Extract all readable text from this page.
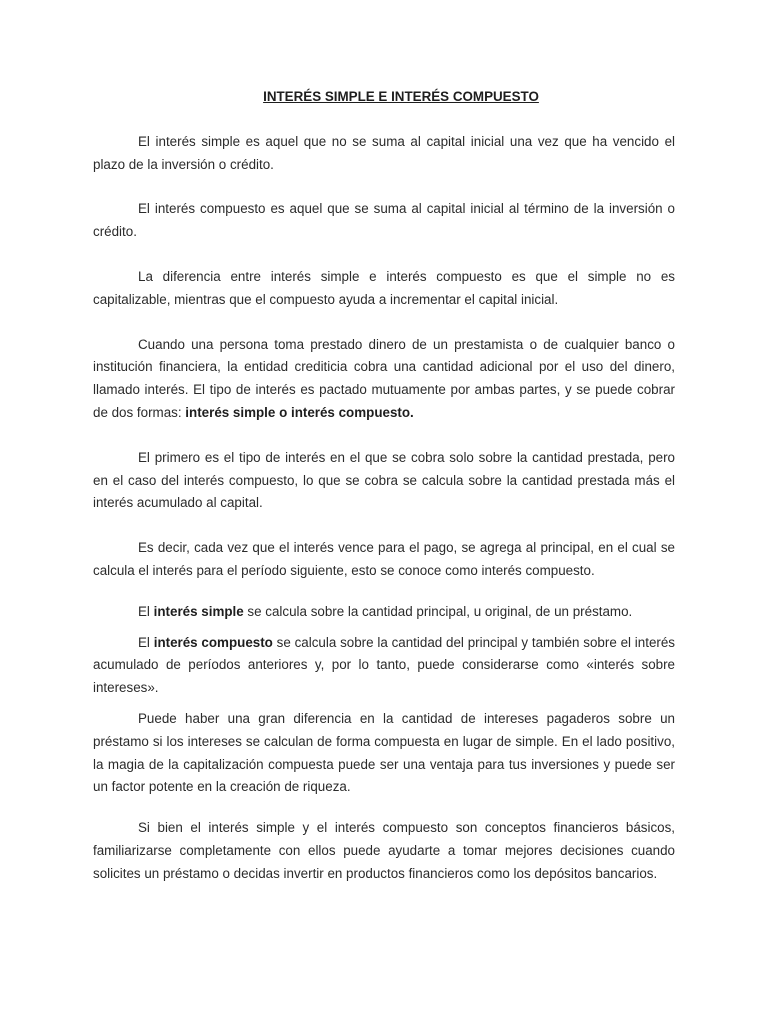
INTERÉS SIMPLE E INTERÉS COMPUESTO

El interés simple es aquel que no se suma al capital inicial una vez que ha vencido el plazo de la inversión o crédito.

El interés compuesto es aquel que se suma al capital inicial al término de la inversión o crédito.

La diferencia entre interés simple e interés compuesto es que el simple no es capitalizable, mientras que el compuesto ayuda a incrementar el capital inicial.

Cuando una persona toma prestado dinero de un prestamista o de cualquier banco o institución financiera, la entidad crediticia cobra una cantidad adicional por el uso del dinero, llamado interés. El tipo de interés es pactado mutuamente por ambas partes, y se puede cobrar de dos formas: interés simple o interés compuesto.

El primero es el tipo de interés en el que se cobra solo sobre la cantidad prestada, pero en el caso del interés compuesto, lo que se cobra se calcula sobre la cantidad prestada más el interés acumulado al capital.

Es decir, cada vez que el interés vence para el pago, se agrega al principal, en el cual se calcula el interés para el período siguiente, esto se conoce como interés compuesto.

El interés simple se calcula sobre la cantidad principal, u original, de un préstamo.

El interés compuesto se calcula sobre la cantidad del principal y también sobre el interés acumulado de períodos anteriores y, por lo tanto, puede considerarse como «interés sobre intereses».

Puede haber una gran diferencia en la cantidad de intereses pagaderos sobre un préstamo si los intereses se calculan de forma compuesta en lugar de simple. En el lado positivo, la magia de la capitalización compuesta puede ser una ventaja para tus inversiones y puede ser un factor potente en la creación de riqueza.

Si bien el interés simple y el interés compuesto son conceptos financieros básicos, familiarizarse completamente con ellos puede ayudarte a tomar mejores decisiones cuando solicites un préstamo o decidas invertir en productos financieros como los depósitos bancarios.
